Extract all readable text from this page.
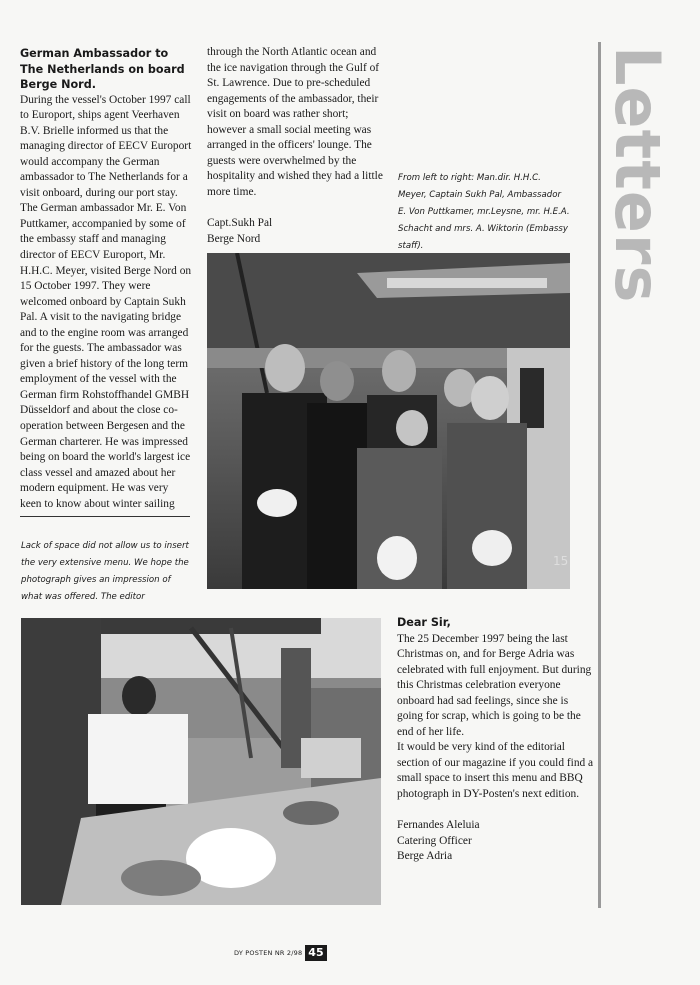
German Ambassador to The Netherlands on board Berge Nord.
During the vessel's October 1997 call to Europort, ships agent Veerhaven B.V. Brielle informed us that the managing director of EECV Europort would accompany the German ambassador to The Netherlands for a visit onboard, during our port stay. The German ambassador Mr. E. Von Puttkamer, accompanied by some of the embassy staff and managing director of EECV Europort, Mr. H.H.C. Meyer, visited Berge Nord on 15 October 1997. They were welcomed onboard by Captain Sukh Pal. A visit to the navigating bridge and to the engine room was arranged for the guests. The ambassador was given a brief history of the long term employment of the vessel with the German firm Rohstoffhandel GMBH Düsseldorf and about the close co-operation between Bergesen and the German charterer. He was impressed being on board the world's largest ice class vessel and amazed about her modern equipment. He was very keen to know about winter sailing
Lack of space did not allow us to insert the very extensive menu. We hope the photograph gives an impression of what was offered. The editor

through the North Atlantic ocean and the ice navigation through the Gulf of St. Lawrence. Due to pre-scheduled engagements of the ambassador, their visit on board was rather short; however a small social meeting was arranged in the officers' lounge. The guests were overwhelmed by the hospitality and wished they had a little more time.

Capt.Sukh Pal

Berge Nord

From left to right: Man.dir. H.H.C. Meyer, Captain Sukh Pal, Ambassador E. Von Puttkamer, mr.Leysne, mr. H.E.A. Schacht and mrs. A. Wiktorin (Embassy staff).
15
Dear Sir,

The 25 December 1997 being the last Christmas on, and for Berge Adria was celebrated with full enjoyment. But during this Christmas celebration everyone onboard had sad feelings, since she is going for scrap, which is going to be the end of her life.

It would be very kind of the editorial section of our magazine if you could find a small space to insert this menu and BBQ photograph in DY-Posten's next edition.

Fernandes Aleluia

Catering Officer

Berge Adria

Letters
DY POSTEN NR 2/98 45
